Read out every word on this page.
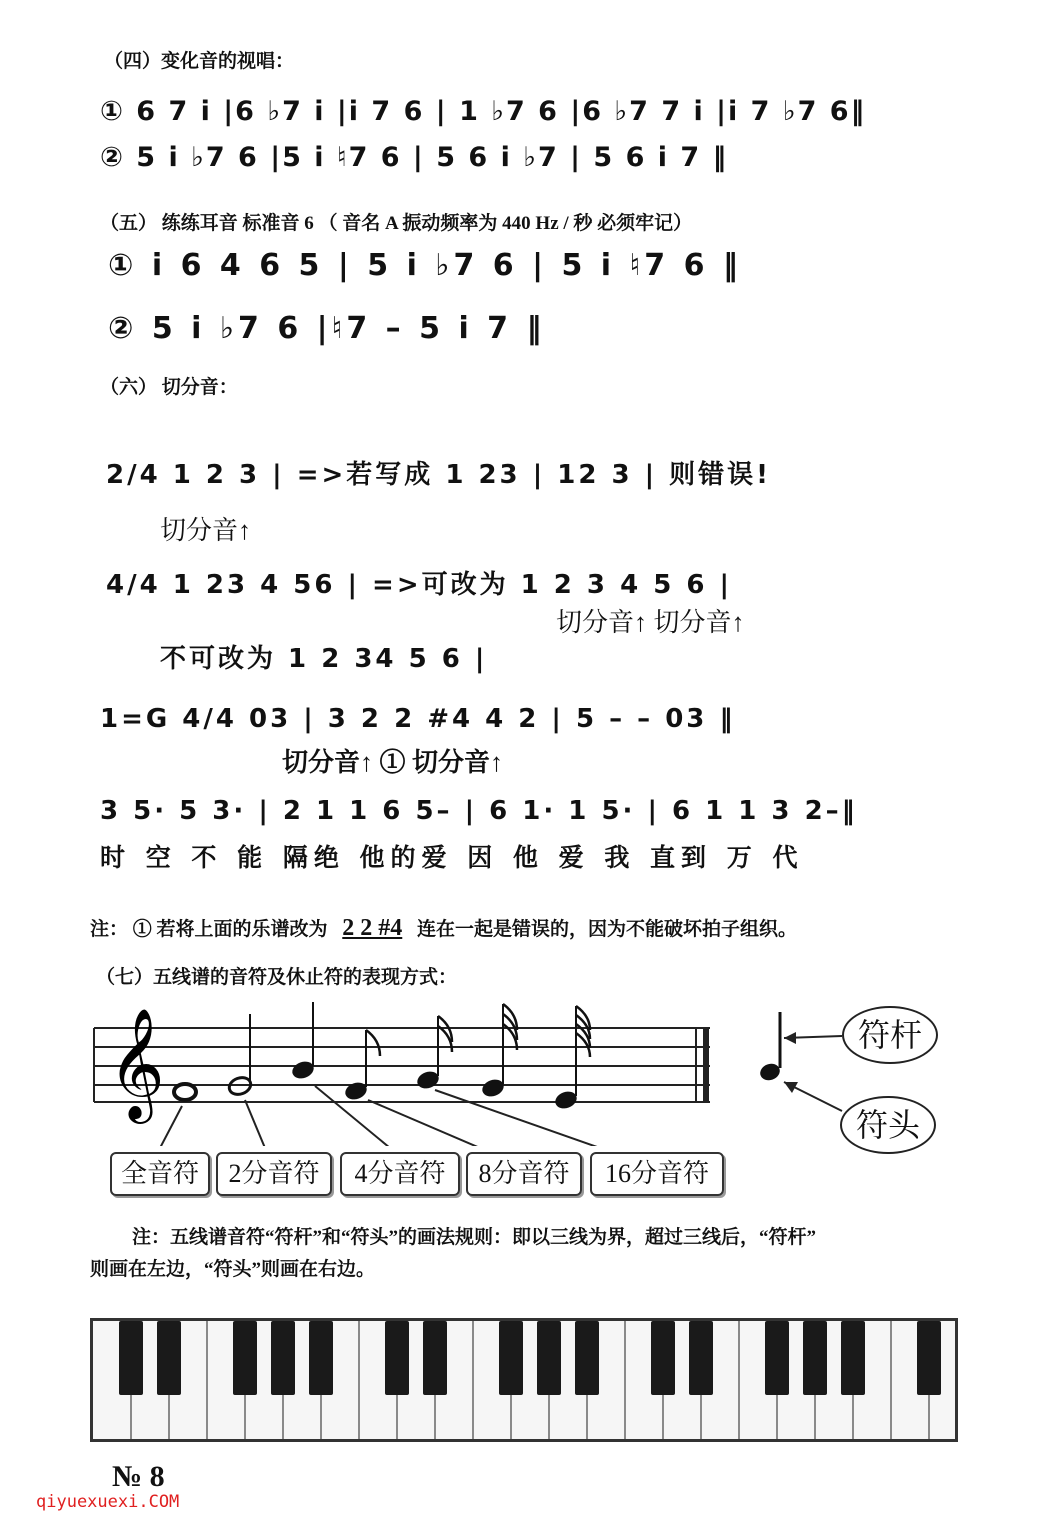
（四）变化音的视唱：
① 6 7 i |6 ♭7 i |i 7 6 | 1 ♭7 6 |6 ♭7 7 i |i 7 ♭7 6‖
② 5 i ♭7 6 |5 i ♮7 6 | 5 6 i ♭7 | 5 6 i 7 ‖
（五） 练练耳音 标准音 6 （ 音名 A 振动频率为 440 Hz / 秒 必须牢记）
① i 6 4 6 5 | 5 i ♭7 6 | 5 i ♮7 6 ‖
② 5 i ♭7 6 |♮7 – 5 i 7 ‖
（六） 切分音：
2/4 1 2 3 | =>若写成 1 23 | 12 3 | 则错误!
切分音↑
4/4 1 23 4 56 | =>可改为 1 2 3 4 5 6 |
切分音↑ 切分音↑
不可改为 1 2 34 5 6 |
1=G 4/4 03 | 3 2 2 #4 4 2 | 5 – – 03 ‖
切分音↑ ① 切分音↑
3 5· 5 3· | 2 1 1 6 5– | 6 1· 1 5· | 6 1 1 3 2–‖
时 空 不 能 隔绝 他的爱 因 他 爱 我 直到 万 代
注： ① 若将上面的乐谱改为 2 2 #4 连在一起是错误的，因为不能破坏拍子组织。
（七）五线谱的音符及休止符的表现方式：
𝄞	符杆
符头
全音符	2分音符	4分音符	8分音符	16分音符
注：五线谱音符“符杆”和“符头”的画法规则：即以三线为界，超过三线后，“符杆”
则画在左边，“符头”则画在右边。
№ 8
qiyuexuexi.COM
